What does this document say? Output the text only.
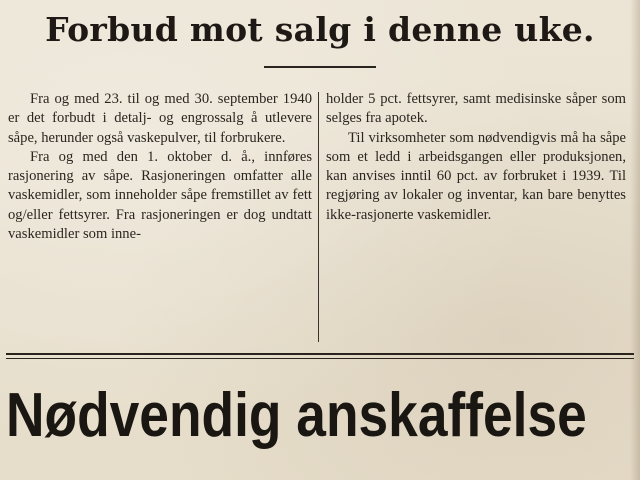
Forbud mot salg i denne uke.

Fra og med 23. til og med 30. september 1940 er det forbudt i detalj- og engrossalg å utlevere såpe, herunder også vaskepulver, til forbrukere.

Fra og med den 1. oktober d. å., innføres rasjonering av såpe. Rasjoneringen omfatter alle vaskemidler, som inneholder såpe fremstillet av fett og/eller fettsyrer. Fra rasjoneringen er dog undtatt vaskemidler som inne-

holder 5 pct. fettsyrer, samt medisinske såper som selges fra apotek.

Til virksomheter som nødvendigvis må ha såpe som et ledd i arbeidsgangen eller produksjonen, kan anvises inntil 60 pct. av forbruket i 1939. Til regjøring av lokaler og inventar, kan bare benyttes ikke-rasjonerte vaskemidler.

Nødvendig anskaffelse
